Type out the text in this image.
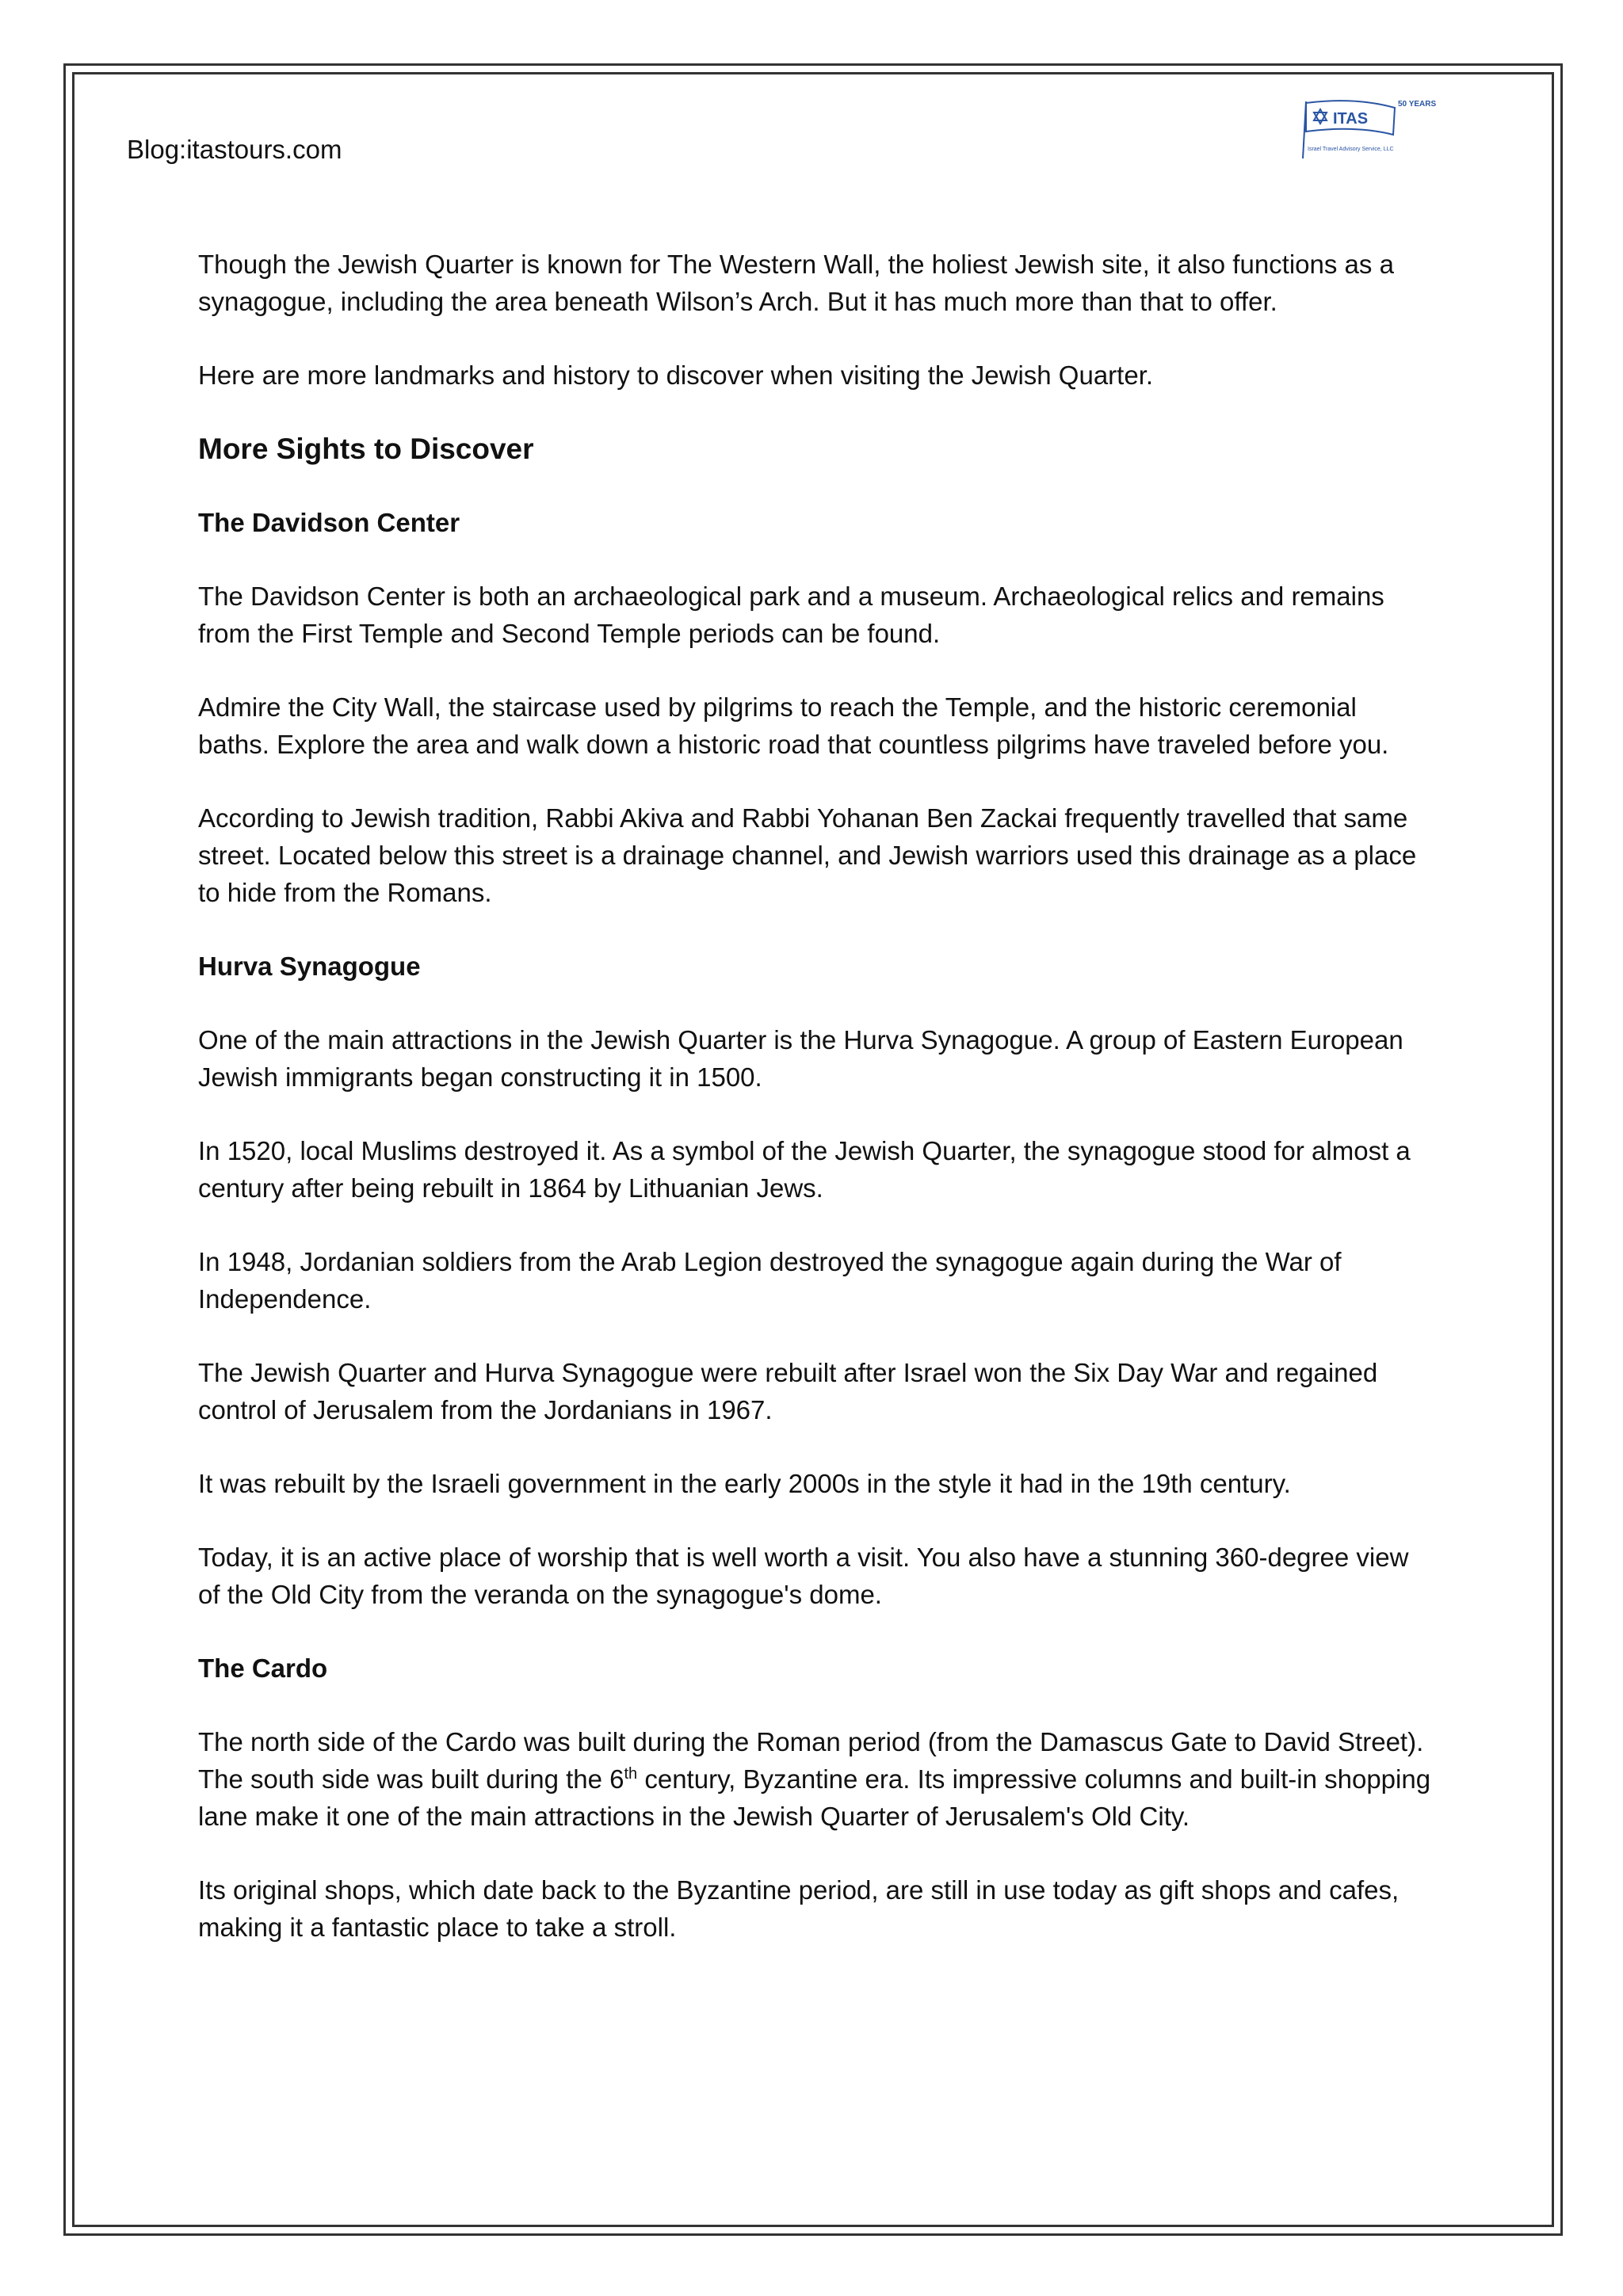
Blog:itastours.com
ITAS
50 YEARS
Israel Travel Advisory Service, LLC

Though the Jewish Quarter is known for The Western Wall, the holiest Jewish site, it also functions as a synagogue, including the area beneath Wilson’s Arch. But it has much more than that to offer.

Here are more landmarks and history to discover when visiting the Jewish Quarter.

More Sights to Discover
The Davidson Center

The Davidson Center is both an archaeological park and a museum. Archaeological relics and remains from the First Temple and Second Temple periods can be found.

Admire the City Wall, the staircase used by pilgrims to reach the Temple, and the historic ceremonial baths. Explore the area and walk down a historic road that countless pilgrims have traveled before you.

According to Jewish tradition, Rabbi Akiva and Rabbi Yohanan Ben Zackai frequently travelled that same street. Located below this street is a drainage channel, and Jewish warriors used this drainage as a place to hide from the Romans.

Hurva Synagogue

One of the main attractions in the Jewish Quarter is the Hurva Synagogue. A group of Eastern European Jewish immigrants began constructing it in 1500.

In 1520, local Muslims destroyed it. As a symbol of the Jewish Quarter, the synagogue stood for almost a century after being rebuilt in 1864 by Lithuanian Jews.

In 1948, Jordanian soldiers from the Arab Legion destroyed the synagogue again during the War of Independence.

The Jewish Quarter and Hurva Synagogue were rebuilt after Israel won the Six Day War and regained control of Jerusalem from the Jordanians in 1967.

It was rebuilt by the Israeli government in the early 2000s in the style it had in the 19th century.

Today, it is an active place of worship that is well worth a visit. You also have a stunning 360-degree view of the Old City from the veranda on the synagogue's dome.

The Cardo

The north side of the Cardo was built during the Roman period (from the Damascus Gate to David Street). The south side was built during the 6th century, Byzantine era. Its impressive columns and built-in shopping lane make it one of the main attractions in the Jewish Quarter of Jerusalem's Old City.

Its original shops, which date back to the Byzantine period, are still in use today as gift shops and cafes, making it a fantastic place to take a stroll.
